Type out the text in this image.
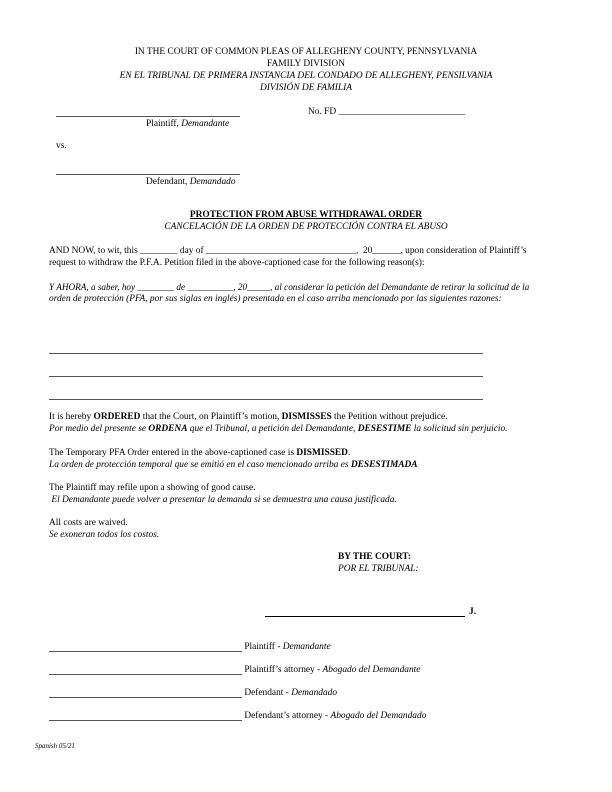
IN THE COURT OF COMMON PLEAS OF ALLEGHENY COUNTY, PENNSYLVANIA
FAMILY DIVISION
EN EL TRIBUNAL DE PRIMERA INSTANCIA DEL CONDADO DE ALLEGHENY, PENSILVANIA
DIVISIÓN DE FAMILIA
Plaintiff, Demandante
No. FD ___________________________
vs.
Defendant, Demandado
PROTECTION FROM ABUSE WITHDRAWAL ORDER
CANCELACIÓN DE LA ORDEN DE PROTECCIÓN CONTRA EL ABUSO
AND NOW, to wit, this ________ day of ________________________________,  20______, upon consideration of Plaintiff’s
request to withdraw the P.F.A. Petition filed in the above-captioned case for the following reason(s):
Y AHORA, a saber, hoy ________ de __________, 20_____, al considerar la petición del Demandante de retirar la solicitud de la
orden de protección (PFA, por sus siglas en inglés) presentada en el caso arriba mencionado por las siguientes razones:
It is hereby ORDERED that the Court, on Plaintiff’s motion, DISMISSES the Petition without prejudice.
Por medio del presente se ORDENA que el Tribunal, a petición del Demandante, DESESTIME la solicitud sin perjuicio.
The Temporary PFA Order entered in the above-captioned case is DISMISSED.
La orden de protección temporal que se emitió en el caso mencionado arriba es DESESTIMADA
The Plaintiff may refile upon a showing of good cause.
El Demandante puede volver a presentar la demanda si se demuestra una causa justificada.
All costs are waived.
Se exoneran todos los costos.
BY THE COURT:
POR EL TRIBUNAL:
J.
Plaintiff - Demandante
Plaintiff’s attorney - Abogado del Demandante
Defendant - Demandado
Defendant’s attorney - Abogado del Demandado
Spanish 05/21
